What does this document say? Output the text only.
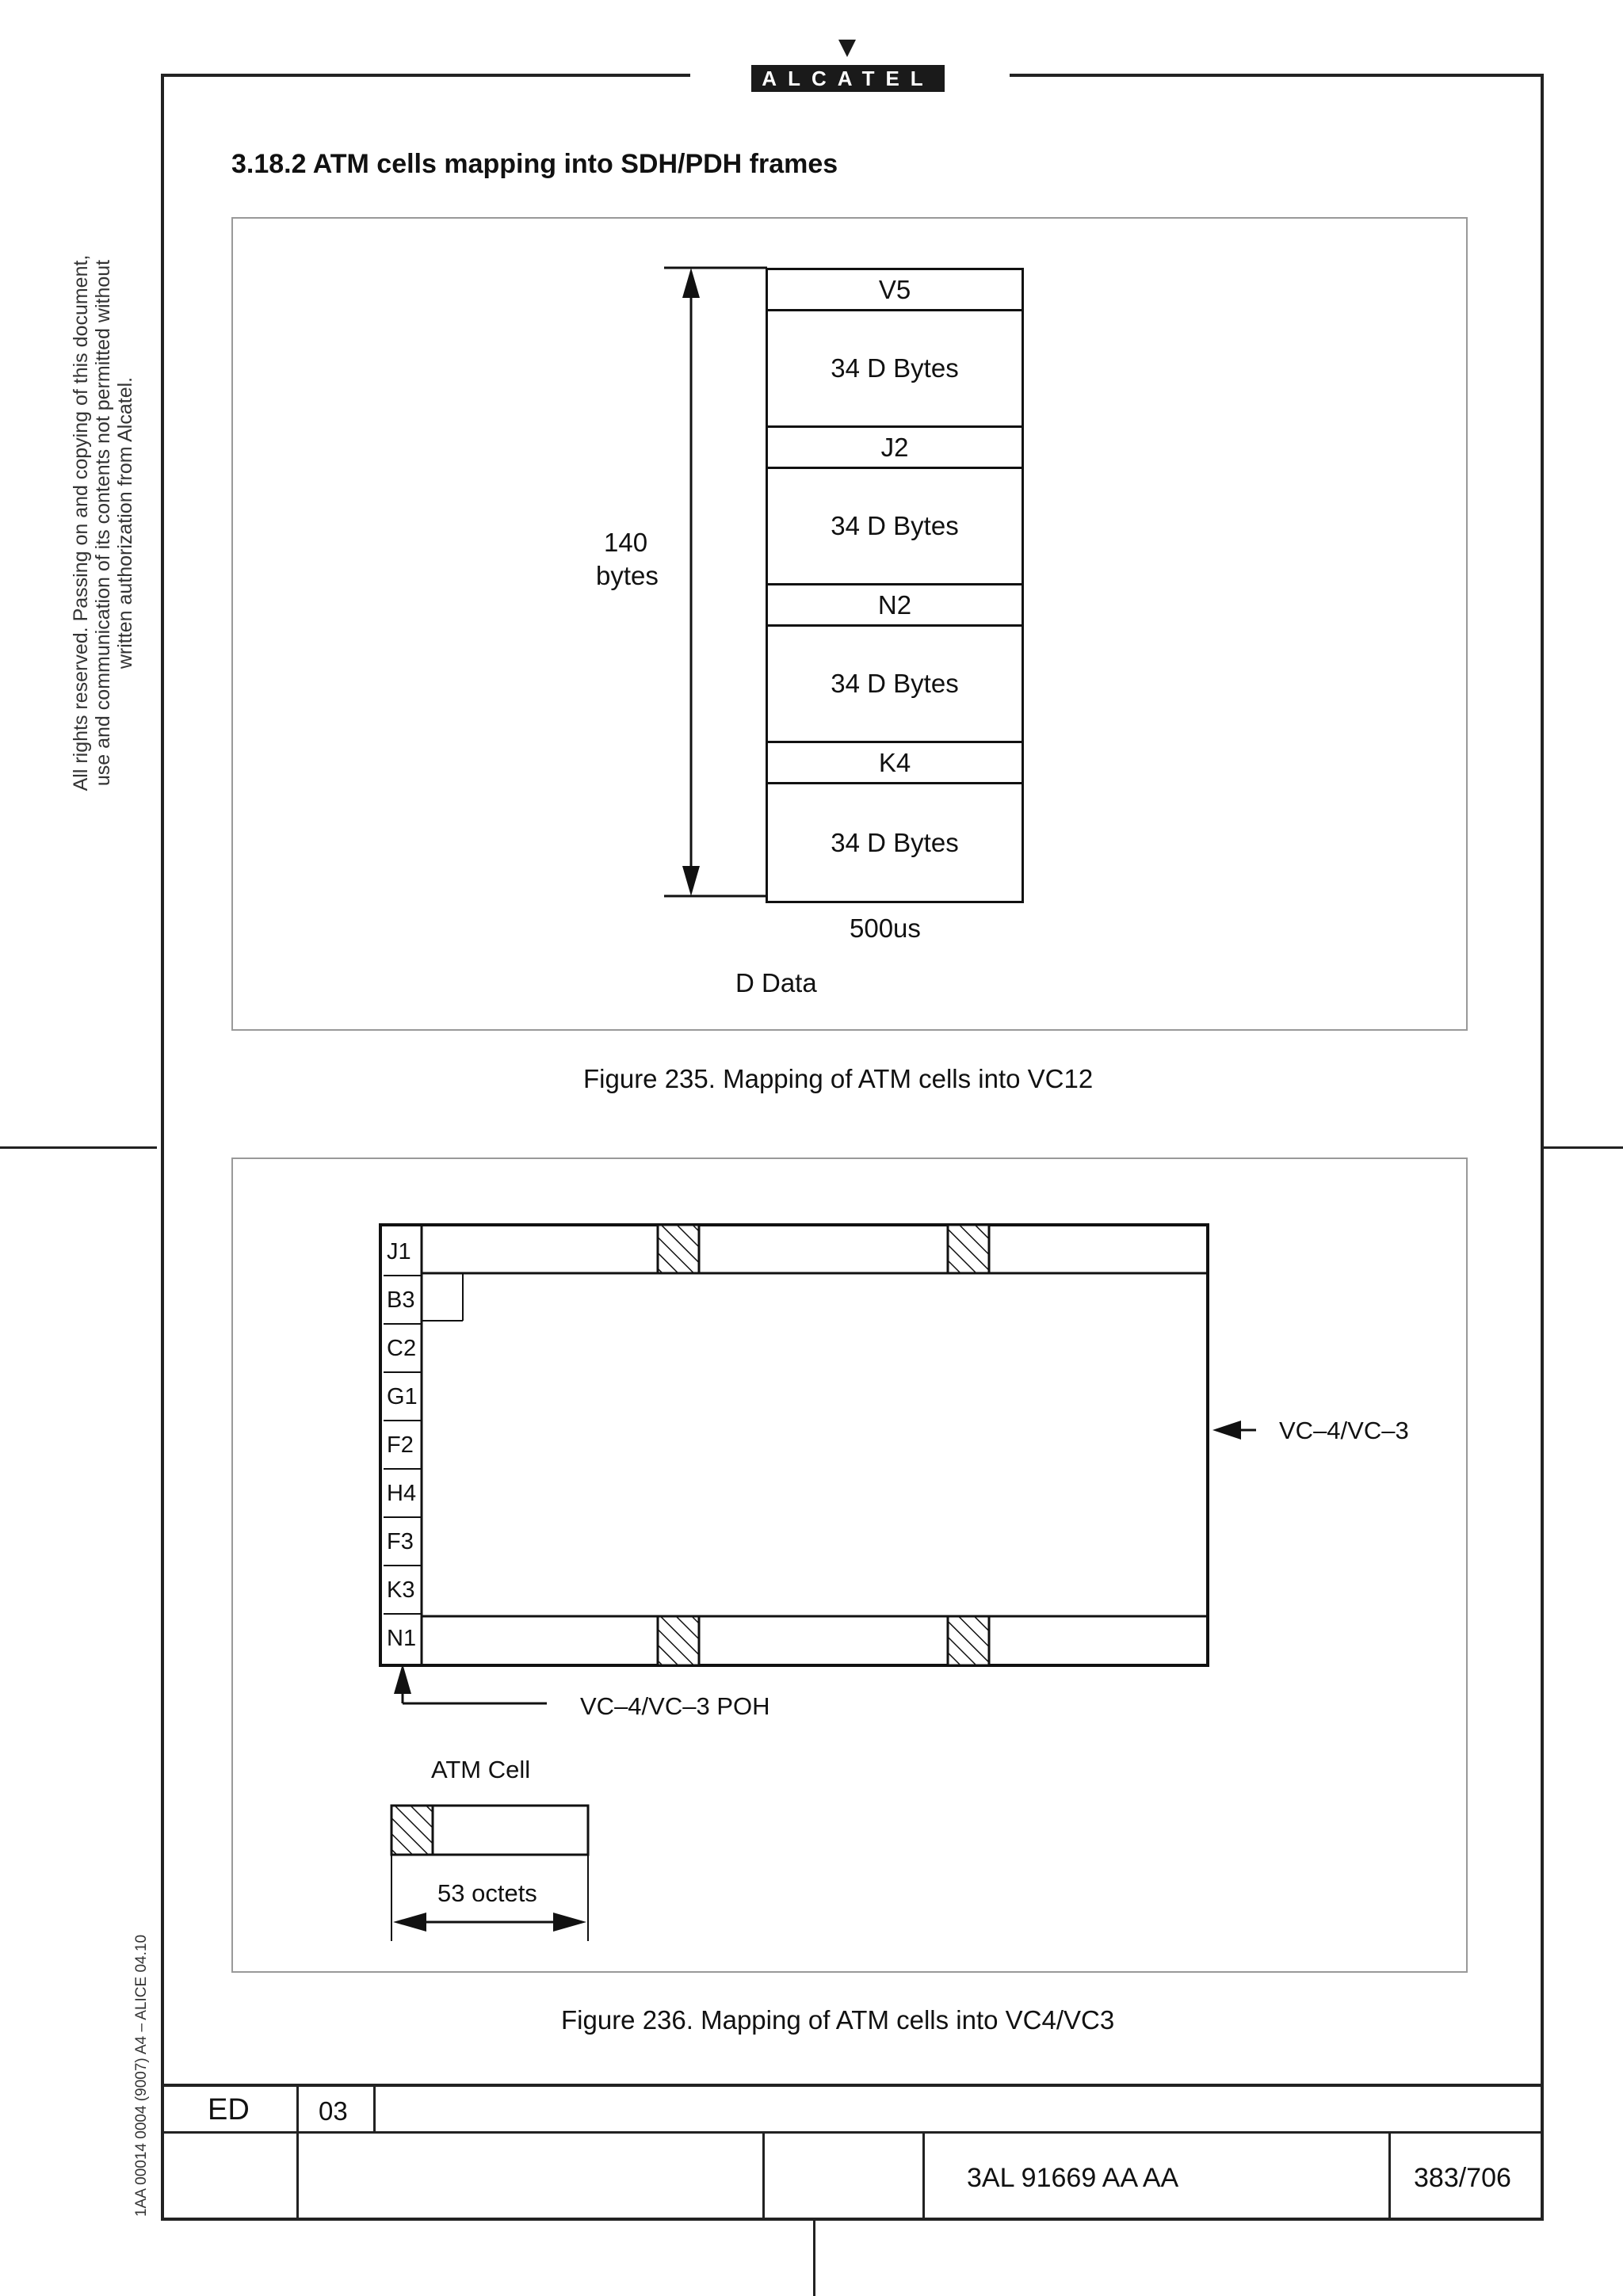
ALCATEL
3.18.2 ATM cells mapping into SDH/PDH frames
All rights reserved. Passing on and copying of this document, use and communication of its contents not permitted without written authorization from Alcatel.
1AA 00014 0004 (9007) A4 – ALICE 04.10
140
bytes
V5
34 D Bytes
J2
34 D Bytes
N2
34 D Bytes
K4
34 D Bytes
500us
D Data
Figure 235. Mapping of ATM cells into VC12
J1
B3
C2
G1
F2
H4
F3
K3
N1
VC–4/VC–3
VC–4/VC–3 POH
ATM Cell
53 octets
Figure 236. Mapping of ATM cells into VC4/VC3
ED	03
3AL 91669 AA AA	383/706
